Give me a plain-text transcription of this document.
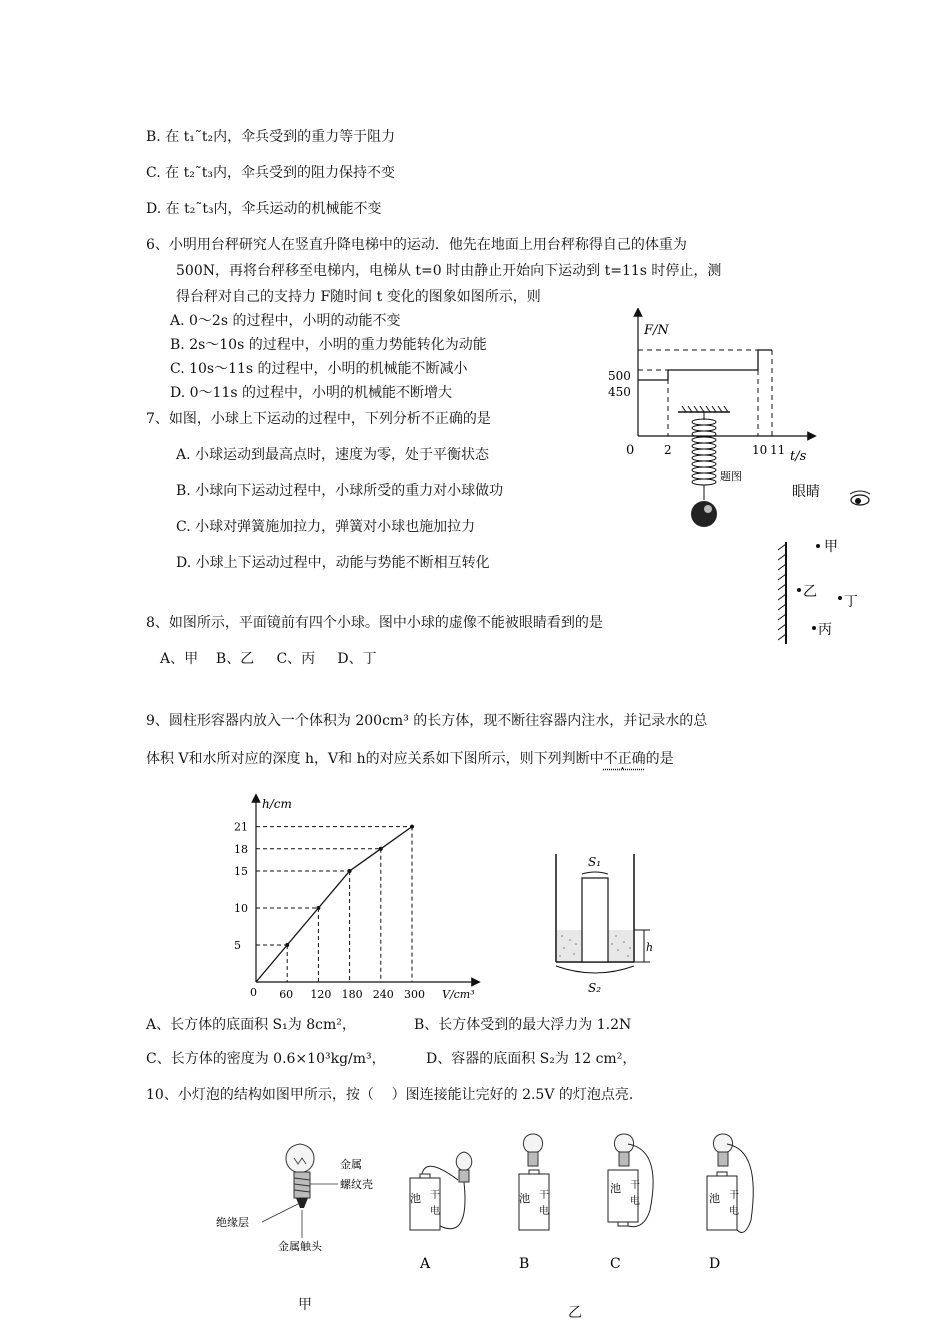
B. 在 t₁˜t₂内，伞兵受到的重力等于阻力
C. 在 t₂˜t₃内，伞兵受到的阻力保持不变
D. 在 t₂˜t₃内，伞兵运动的机械能不变
6、小明用台秤研究人在竖直升降电梯中的运动．他先在地面上用台秤称得自己的体重为
500N，再将台秤移至电梯内，电梯从 t=0 时由静止开始向下运动到 t=11s 时停止，测
得台秤对自己的支持力 F随时间 t 变化的图象如图所示，则
A. 0～2s 的过程中，小明的动能不变
B. 2s～10s 的过程中，小明的重力势能转化为动能
C. 10s～11s 的过程中，小明的机械能不断减小
D. 0～11s 的过程中，小明的机械能不断增大
F/N
t/s
500
450
0 2	10 11
7、如图，小球上下运动的过程中，下列分析不正确的是
A. 小球运动到最高点时，速度为零，处于平衡状态
B. 小球向下运动过程中，小球所受的重力对小球做功
C. 小球对弹簧施加拉力，弹簧对小球也施加拉力
D. 小球上下运动过程中，动能与势能不断相互转化
题图
8、如图所示，平面镜前有四个小球。图中小球的虚像不能被眼睛看到的是
A、甲    B、乙     C、丙     D、丁
眼睛
甲
乙
丁
丙
9、圆柱形容器内放入一个体积为 200cm³ 的长方体，现不断往容器内注水，并记录水的总
体积 V和水所对应的深度 h，V和 h的对应关系如下图所示，则下列判断中不正确的是
h/cm
V/cm³
0 60 120 180 240 300
5
10
15
18
21
S₁
h
S₂
A、长方体的底面积 S₁为 8cm²，	B、长方体受到的最大浮力为 1.2N
C、长方体的密度为 0.6×10³kg/m³，	D、容器的底面积 S₂为 12 cm²，
10、小灯泡的结构如图甲所示，按（    ）图连接能让完好的 2.5V 的灯泡点亮.
金属
螺纹壳
绝缘层
金属触头
池 干
电
A
池 干
电
B
池 干
电
C
池 干
电
D
甲	乙
